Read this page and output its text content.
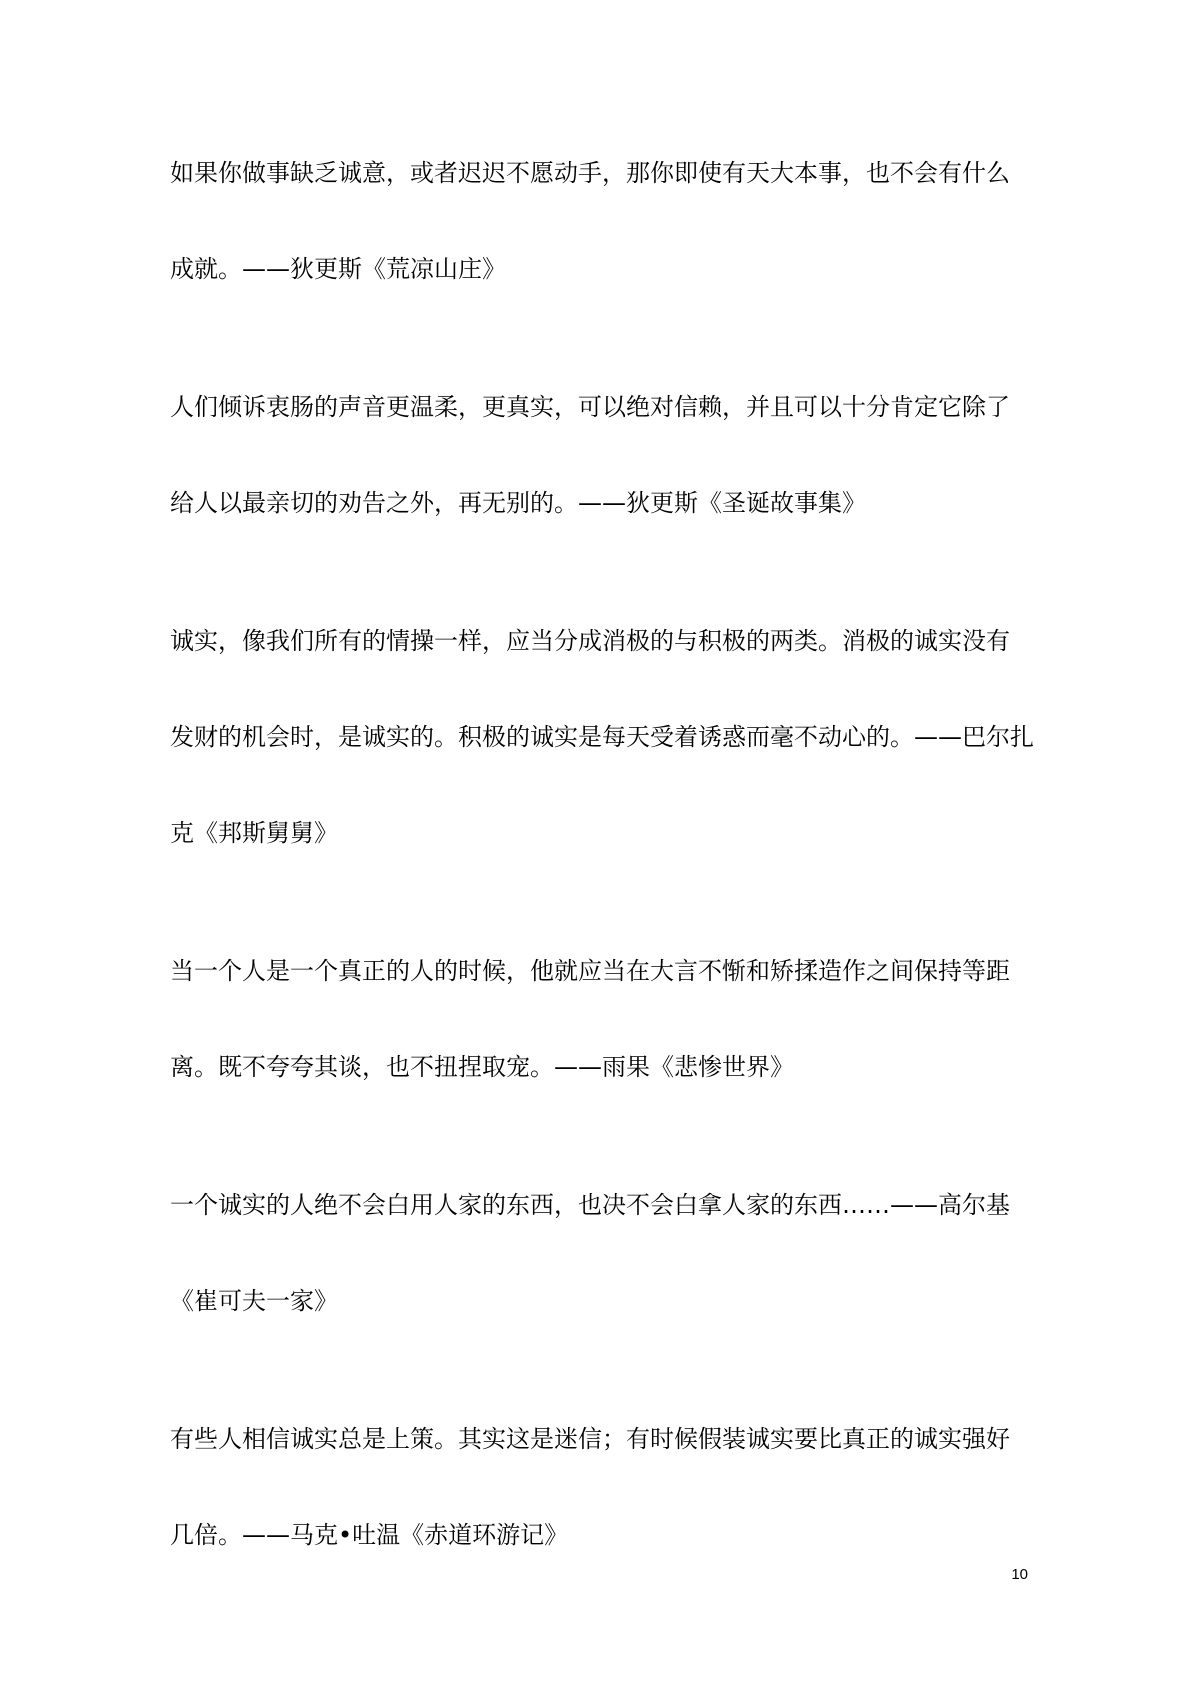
如果你做事缺乏诚意，或者迟迟不愿动手，那你即使有天大本事，也不会有什么
成就。——狄更斯《荒凉山庄》
人们倾诉衷肠的声音更温柔，更真实，可以绝对信赖，并且可以十分肯定它除了
给人以最亲切的劝告之外，再无别的。——狄更斯《圣诞故事集》
诚实，像我们所有的情操一样，应当分成消极的与积极的两类。消极的诚实没有
发财的机会时，是诚实的。积极的诚实是每天受着诱惑而毫不动心的。——巴尔扎
克《邦斯舅舅》
当一个人是一个真正的人的时候，他就应当在大言不惭和矫揉造作之间保持等距
离。既不夸夸其谈，也不扭捏取宠。——雨果《悲惨世界》
一个诚实的人绝不会白用人家的东西，也决不会白拿人家的东西……——高尔基
《崔可夫一家》
有些人相信诚实总是上策。其实这是迷信；有时候假装诚实要比真正的诚实强好
几倍。——马克•吐温《赤道环游记》
10
